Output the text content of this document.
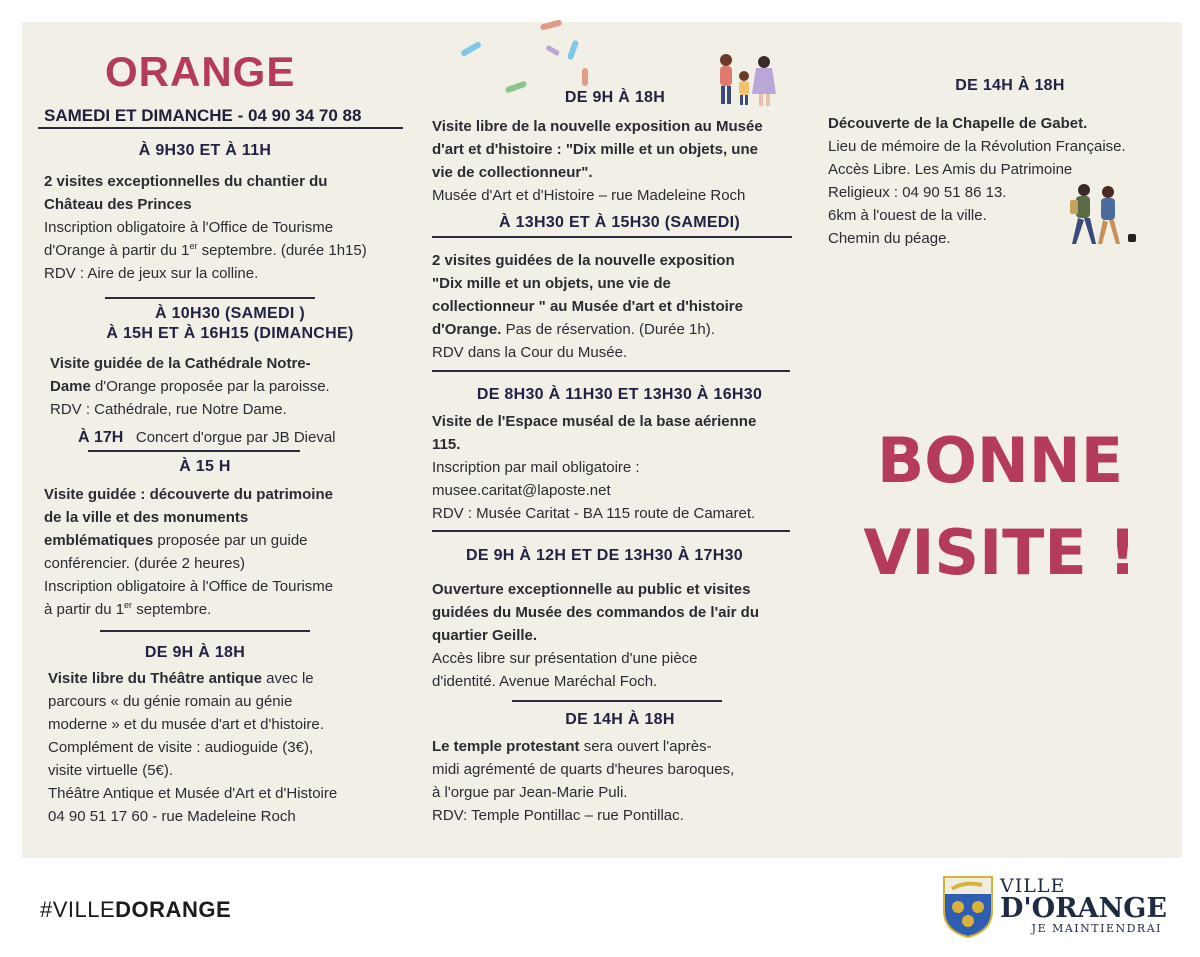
ORANGE
SAMEDI ET DIMANCHE - 04 90 34 70 88
À 9H30 ET À 11H
2 visites exceptionnelles du chantier du Château des Princes
Inscription obligatoire à l'Office de Tourisme
d'Orange à partir du 1er septembre. (durée 1h15)
RDV : Aire de jeux sur la colline.
À 10H30 (SAMEDI )
À 15H ET À 16H15 (DIMANCHE)
Visite guidée de la Cathédrale Notre-
Dame d'Orange proposée par la paroisse.
RDV : Cathédrale, rue Notre Dame.
À 17H Concert d'orgue par JB Dieval
À 15 H
Visite guidée : découverte du patrimoine
de la ville et des monuments
emblématiques proposée par un guide
conférencier. (durée 2 heures)
Inscription obligatoire à l'Office de Tourisme
à partir du 1er septembre.
DE 9H À 18H
Visite libre du Théâtre antique avec le
parcours « du génie romain au génie
moderne » et du musée d'art et d'histoire.
Complément de visite : audioguide (3€),
visite virtuelle (5€).
Théâtre Antique et Musée d'Art et d'Histoire
04 90 51 17 60 - rue Madeleine Roch
DE 9H À 18H
Visite libre de la nouvelle exposition au Musée
d'art et d'histoire : "Dix mille et un objets, une
vie de collectionneur".
Musée d'Art et d'Histoire – rue Madeleine Roch
À 13H30 ET À 15H30 (SAMEDI)
2 visites guidées de la nouvelle exposition
"Dix mille et un objets, une vie de
collectionneur " au Musée d'art et d'histoire
d'Orange. Pas de réservation. (Durée 1h).
RDV dans la Cour du Musée.
DE 8H30 À 11H30 ET 13H30 À 16H30
Visite de l'Espace muséal de la base aérienne
115.
Inscription par mail obligatoire :
musee.caritat@laposte.net
RDV : Musée Caritat - BA 115 route de Camaret.
DE 9H À 12H ET DE 13H30 À 17H30
Ouverture exceptionnelle au public et visites
guidées du Musée des commandos de l'air du
quartier Geille.
Accès libre sur présentation d'une pièce
d'identité. Avenue Maréchal Foch.
DE 14H À 18H
Le temple protestant sera ouvert l'après-
midi agrémenté de quarts d'heures baroques,
à l'orgue par Jean-Marie Puli.
RDV: Temple Pontillac – rue Pontillac.
DE 14H À 18H
Découverte de la Chapelle de Gabet.
Lieu de mémoire de la Révolution Française.
Accès Libre. Les Amis du Patrimoine
Religieux : 04 90 51 86 13.
6km à l'ouest de la ville.
Chemin du péage.
BONNE
VISITE !
#VILLEDORANGE
VILLE
D'ORANGE
JE MAINTIENDRAI
